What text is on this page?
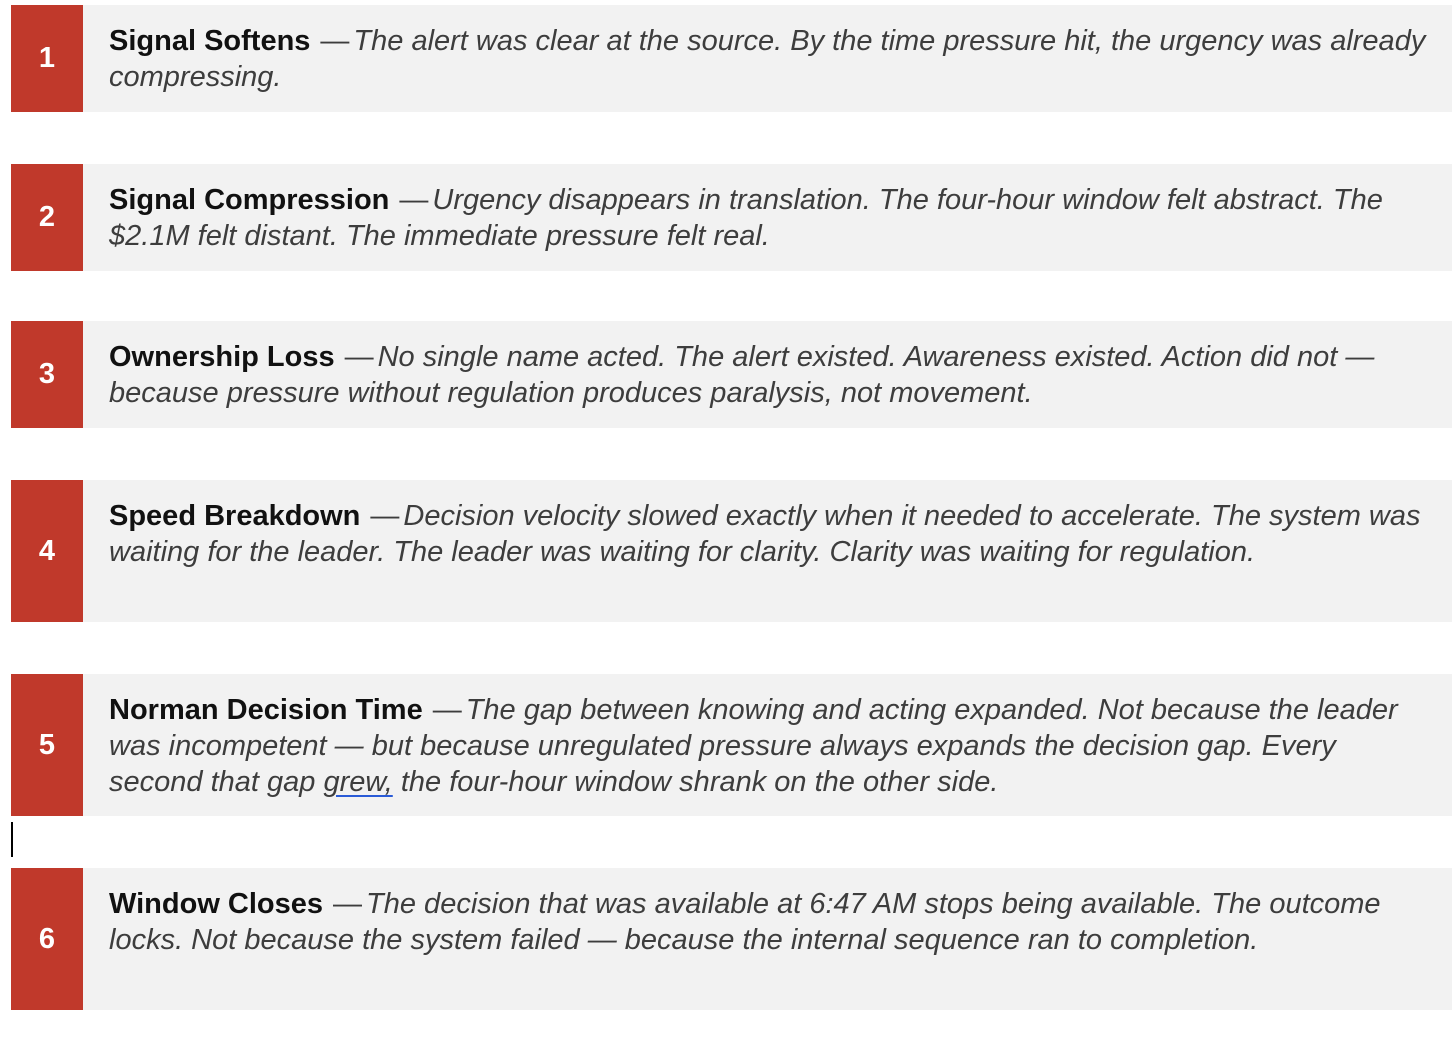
1
Signal Softens — The alert was clear at the source. By the time pressure hit, the urgency was already compressing.
2
Signal Compression — Urgency disappears in translation. The four-hour window felt abstract. The $2.1M felt distant. The immediate pressure felt real.
3
Ownership Loss — No single name acted. The alert existed. Awareness existed. Action did not — because pressure without regulation produces paralysis, not movement.
4
Speed Breakdown — Decision velocity slowed exactly when it needed to accelerate. The system was waiting for the leader. The leader was waiting for clarity. Clarity was waiting for regulation.
5
Norman Decision Time — The gap between knowing and acting expanded. Not because the leader was incompetent — but because unregulated pressure always expands the decision gap. Every second that gap grew, the four-hour window shrank on the other side.
6
Window Closes — The decision that was available at 6:47 AM stops being available. The outcome locks. Not because the system failed — because the internal sequence ran to completion.
